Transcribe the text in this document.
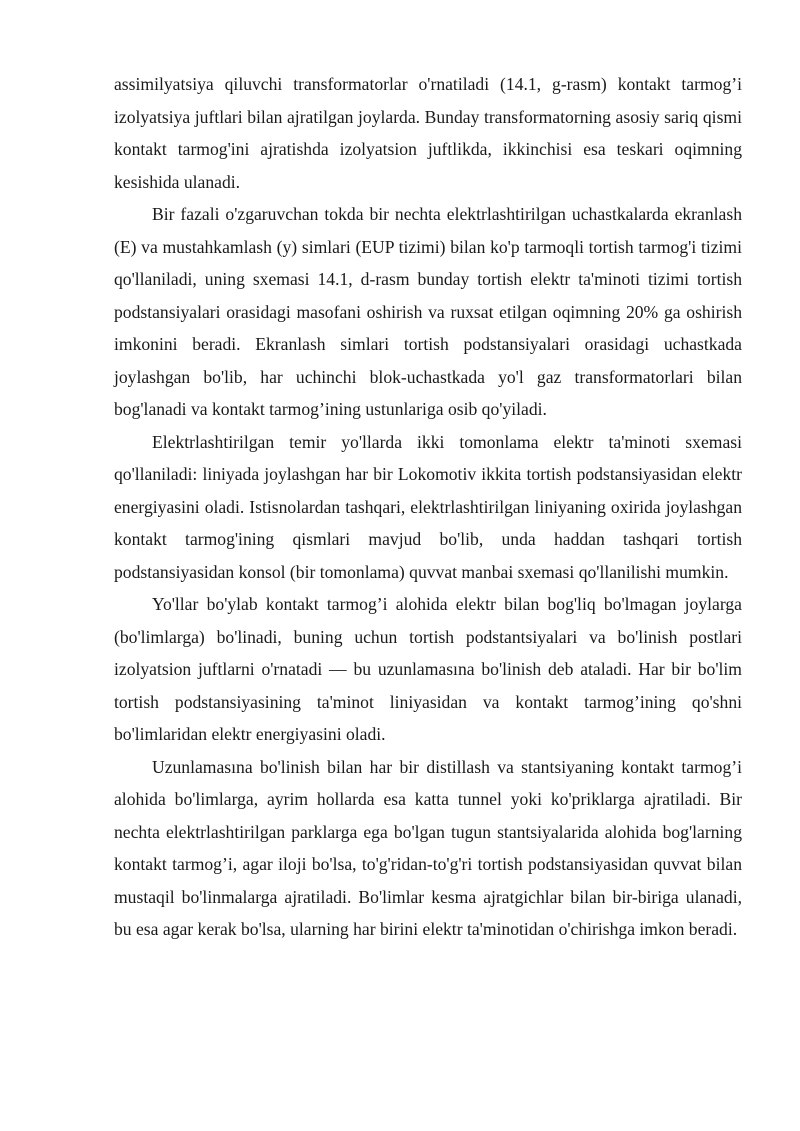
assimilyatsiya qiluvchi transformatorlar o'rnatiladi (14.1, g-rasm) kontakt tarmog’i izolyatsiya juftlari bilan ajratilgan joylarda. Bunday transformatorning asosiy sariq qismi kontakt tarmog'ini ajratishda izolyatsion juftlikda, ikkinchisi esa teskari oqimning kesishida ulanadi.

Bir fazali o'zgaruvchan tokda bir nechta elektrlashtirilgan uchastkalarda ekranlash (E) va mustahkamlash (y) simlari (EUP tizimi) bilan ko'p tarmoqli tortish tarmog'i tizimi qo'llaniladi, uning sxemasi 14.1, d-rasm bunday tortish elektr ta'minoti tizimi tortish podstansiyalari orasidagi masofani oshirish va ruxsat etilgan oqimning 20% ga oshirish imkonini beradi. Ekranlash simlari tortish podstansiyalari orasidagi uchastkada joylashgan bo'lib, har uchinchi blok-uchastkada yo'l gaz transformatorlari bilan bog'lanadi va kontakt tarmog’ining ustunlariga osib qo'yiladi.

Elektrlashtirilgan temir yo'llarda ikki tomonlama elektr ta'minoti sxemasi qo'llaniladi: liniyada joylashgan har bir Lokomotiv ikkita tortish podstansiyasidan elektr energiyasini oladi. Istisnolardan tashqari, elektrlashtirilgan liniyaning oxirida joylashgan kontakt tarmog'ining qismlari mavjud bo'lib, unda haddan tashqari tortish podstansiyasidan konsol (bir tomonlama) quvvat manbai sxemasi qo'llanilishi mumkin.

Yo'llar bo'ylab kontakt tarmog’i alohida elektr bilan bog'liq bo'lmagan joylarga (bo'limlarga) bo'linadi, buning uchun tortish podstantsiyalari va bo'linish postlari izolyatsion juftlarni o'rnatadi — bu uzunlamasına bo'linish deb ataladi. Har bir bo'lim tortish podstansiyasining ta'minot liniyasidan va kontakt tarmog’ining qo'shni bo'limlaridan elektr energiyasini oladi.

Uzunlamasına bo'linish bilan har bir distillash va stantsiyaning kontakt tarmog’i alohida bo'limlarga, ayrim hollarda esa katta tunnel yoki ko'priklarga ajratiladi. Bir nechta elektrlashtirilgan parklarga ega bo'lgan tugun stantsiyalarida alohida bog'larning kontakt tarmog’i, agar iloji bo'lsa, to'g'ridan-to'g'ri tortish podstansiyasidan quvvat bilan mustaqil bo'linmalarga ajratiladi. Bo'limlar kesma ajratgichlar bilan bir-biriga ulanadi, bu esa agar kerak bo'lsa, ularning har birini elektr ta'minotidan o'chirishga imkon beradi.
